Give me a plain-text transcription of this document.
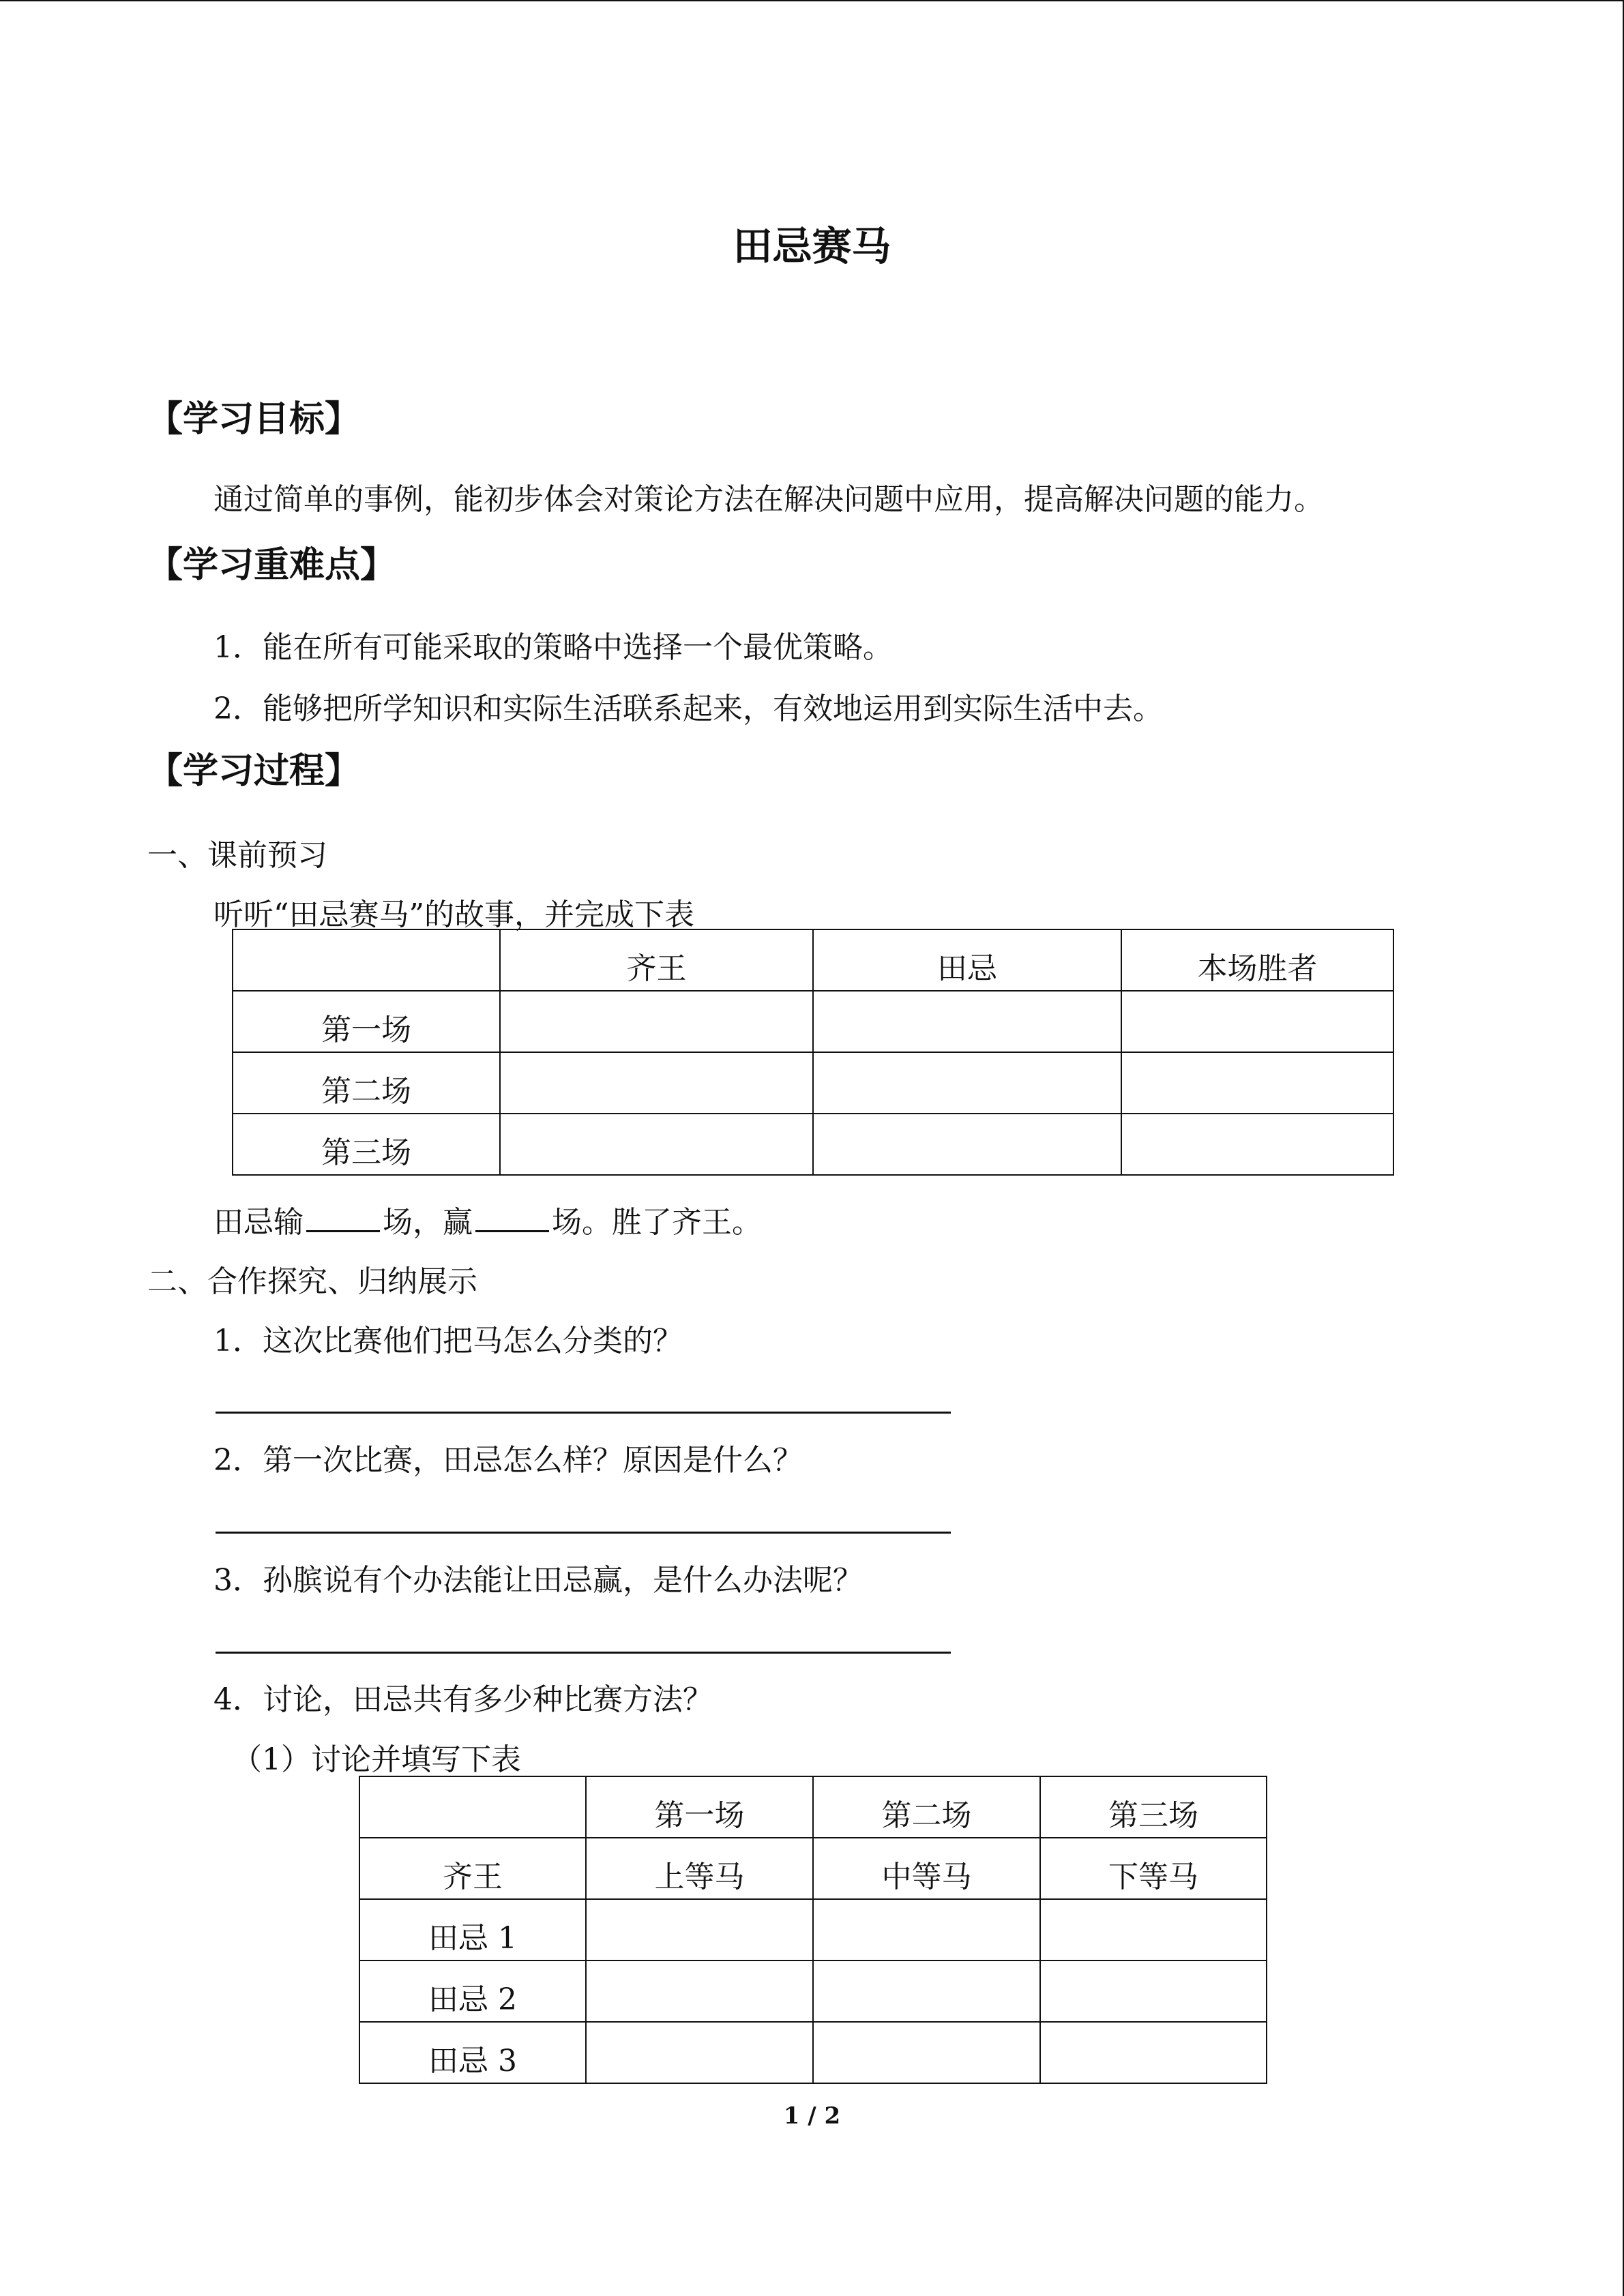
田忌赛马
【学习目标】
通过简单的事例，能初步体会对策论方法在解决问题中应用，提高解决问题的能力。
【学习重难点】
1．能在所有可能采取的策略中选择一个最优策略。
2．能够把所学知识和实际生活联系起来，有效地运用到实际生活中去。
【学习过程】
一、课前预习
听听“田忌赛马”的故事，并完成下表
	齐王	田忌	本场胜者
第一场			
第二场			
第三场			
田忌输	场，赢	场。胜了齐王。
二、合作探究、归纳展示
1．这次比赛他们把马怎么分类的？
2．第一次比赛，田忌怎么样？原因是什么？
3．孙膑说有个办法能让田忌赢，是什么办法呢？
4．讨论，田忌共有多少种比赛方法？
（1）讨论并填写下表
	第一场	第二场	第三场
齐王	上等马	中等马	下等马
田忌 1			
田忌 2			
田忌 3			
1 / 2
